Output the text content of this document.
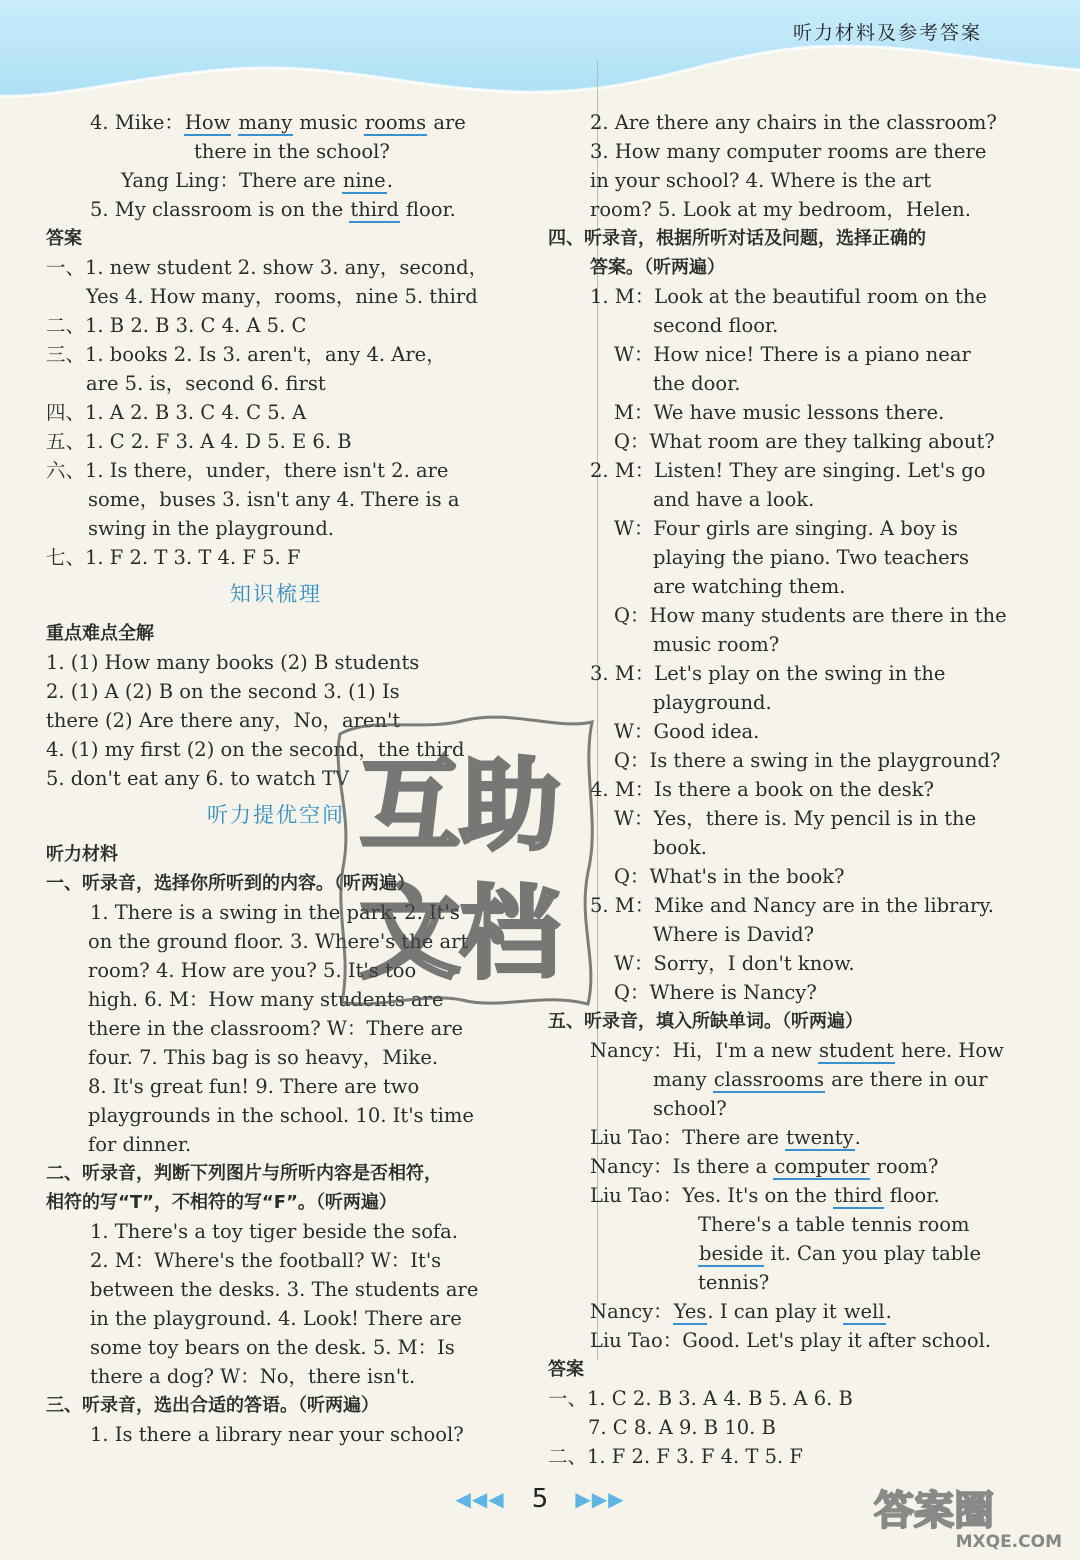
听力材料及参考答案
4. Mike：How many music rooms are
there in the school?
Yang Ling：There are nine.
5. My classroom is on the third floor.
答案
一、1. new student 2. show 3. any，second，
Yes 4. How many，rooms，nine 5. third
二、1. B 2. B 3. C 4. A 5. C
三、1. books 2. Is 3. aren't，any 4. Are，
are 5. is，second 6. first
四、1. A 2. B 3. C 4. C 5. A
五、1. C 2. F 3. A 4. D 5. E 6. B
六、1. Is there，under，there isn't 2. are
some，buses 3. isn't any 4. There is a
swing in the playground.
七、1. F 2. T 3. T 4. F 5. F
知识梳理
重点难点全解
1. (1) How many books (2) B students
2. (1) A (2) B on the second 3. (1) Is
there (2) Are there any，No，aren't
4. (1) my first (2) on the second，the third
5. don't eat any 6. to watch TV
听力提优空间
听力材料
一、听录音，选择你所听到的内容。（听两遍）
1. There is a swing in the park. 2. It's
on the ground floor. 3. Where's the art
room? 4. How are you? 5. It's too
high. 6. M：How many students are
there in the classroom? W：There are
four. 7. This bag is so heavy，Mike.
8. It's great fun! 9. There are two
playgrounds in the school. 10. It's time
for dinner.
二、听录音，判断下列图片与所听内容是否相符，
相符的写“T”，不相符的写“F”。（听两遍）
1. There's a toy tiger beside the sofa.
2. M：Where's the football? W：It's
between the desks. 3. The students are
in the playground. 4. Look! There are
some toy bears on the desk. 5. M：Is
there a dog? W：No，there isn't.
三、听录音，选出合适的答语。（听两遍）
1. Is there a library near your school?
2. Are there any chairs in the classroom?
3. How many computer rooms are there
in your school? 4. Where is the art
room? 5. Look at my bedroom，Helen.
四、听录音，根据所听对话及问题，选择正确的
答案。（听两遍）
1. M：Look at the beautiful room on the
second floor.
W：How nice! There is a piano near
the door.
M：We have music lessons there.
Q：What room are they talking about?
2. M：Listen! They are singing. Let's go
and have a look.
W：Four girls are singing. A boy is
playing the piano. Two teachers
are watching them.
Q：How many students are there in the
music room?
3. M：Let's play on the swing in the
playground.
W：Good idea.
Q：Is there a swing in the playground?
4. M：Is there a book on the desk?
W：Yes，there is. My pencil is in the
book.
Q：What's in the book?
5. M：Mike and Nancy are in the library.
Where is David?
W：Sorry，I don't know.
Q：Where is Nancy?
五、听录音，填入所缺单词。（听两遍）
Nancy：Hi，I'm a new student here. How
many classrooms are there in our
school?
Liu Tao：There are twenty.
Nancy：Is there a computer room?
Liu Tao：Yes. It's on the third floor.
There's a table tennis room
beside it. Can you play table
tennis?
Nancy：Yes. I can play it well.
Liu Tao：Good. Let's play it after school.
答案
一、1. C 2. B 3. A 4. B 5. A 6. B
7. C 8. A 9. B 10. B
二、1. F 2. F 3. F 4. T 5. F
互助
文档
◀◀◀ 5 ▶▶▶	答案圈
MXQE.COM
